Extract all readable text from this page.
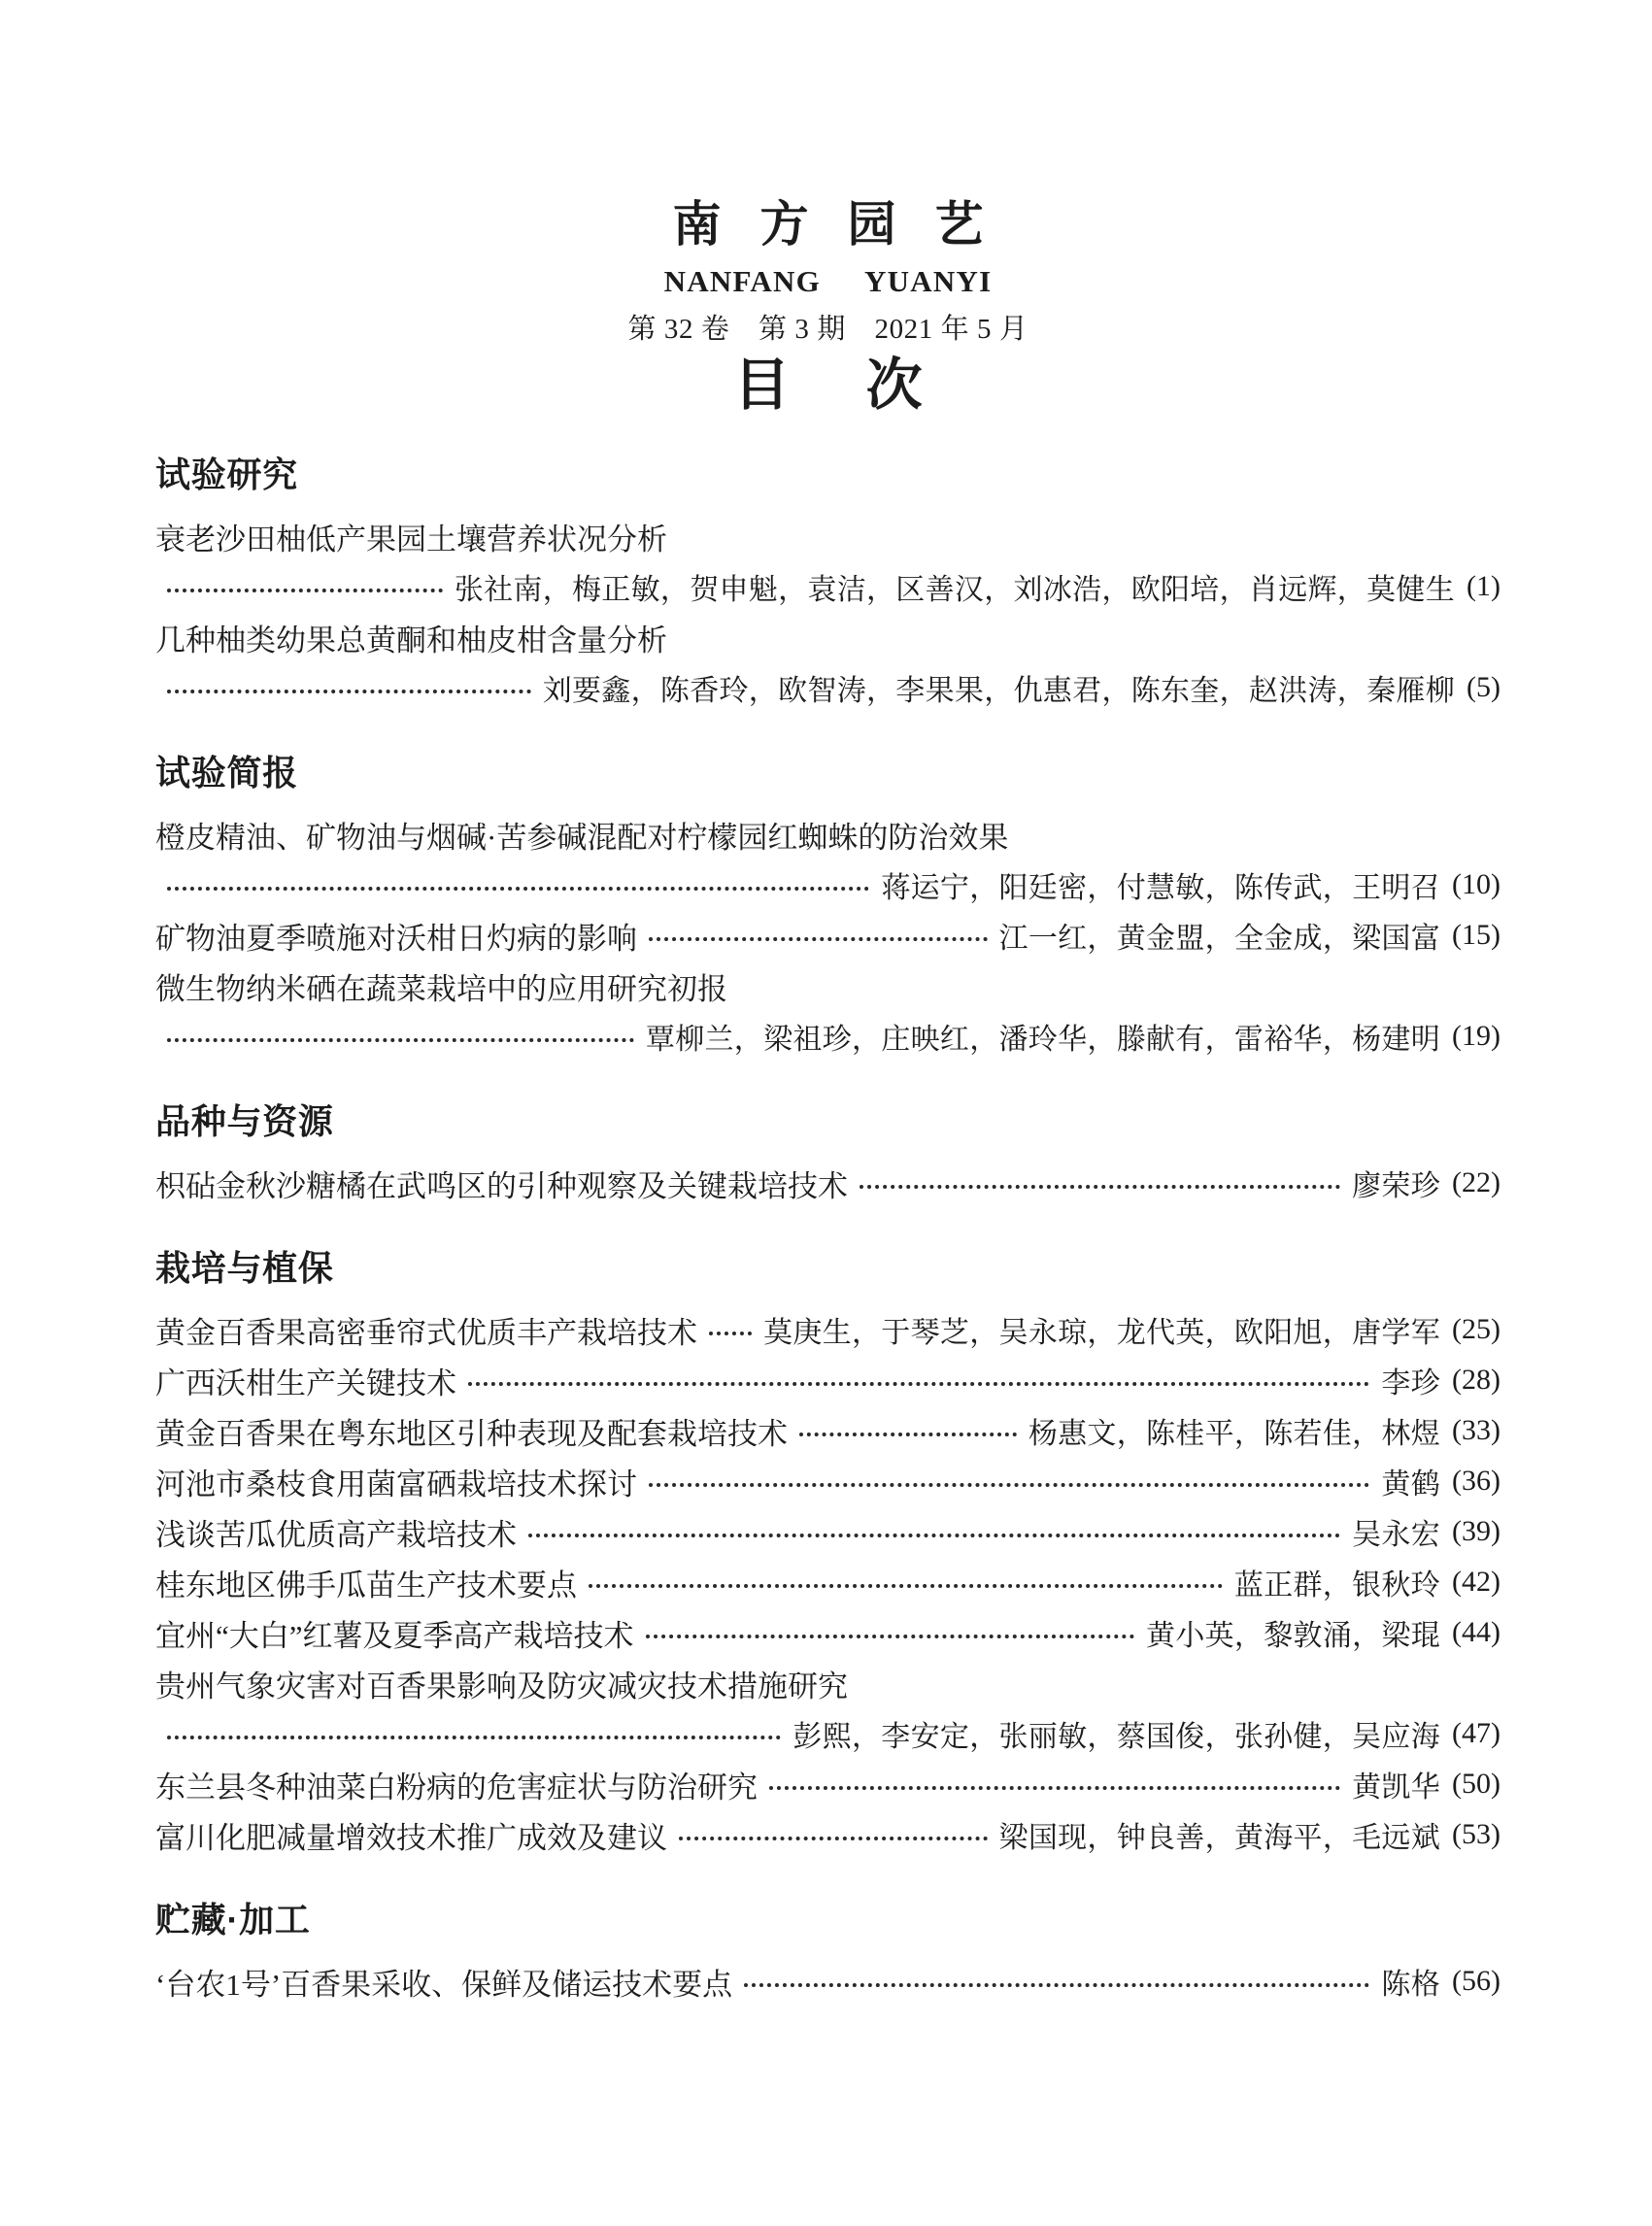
南方园艺
NANFANG YUANYI
第 32 卷　第 3 期　2021 年 5 月
目次
试验研究
衰老沙田柚低产果园土壤营养状况分析
张社南，梅正敏，贺申魁，袁洁，区善汉，刘冰浩，欧阳培，肖远辉，莫健生 (1)
几种柚类幼果总黄酮和柚皮柑含量分析
刘要鑫，陈香玲，欧智涛，李果果，仇惠君，陈东奎，赵洪涛，秦雁柳 (5)
试验简报
橙皮精油、矿物油与烟碱·苦参碱混配对柠檬园红蜘蛛的防治效果
蒋运宁，阳廷密，付慧敏，陈传武，王明召 (10)
矿物油夏季喷施对沃柑日灼病的影响	江一红，黄金盟，全金成，梁国富 (15)
微生物纳米硒在蔬菜栽培中的应用研究初报
覃柳兰，梁祖珍，庄映红，潘玲华，滕献有，雷裕华，杨建明 (19)
品种与资源
枳砧金秋沙糖橘在武鸣区的引种观察及关键栽培技术	廖荣珍 (22)
栽培与植保
黄金百香果高密垂帘式优质丰产栽培技术 莫庚生，于琴芝，吴永琼，龙代英，欧阳旭，唐学军 (25)
广西沃柑生产关键技术	李珍 (28)
黄金百香果在粤东地区引种表现及配套栽培技术	杨惠文，陈桂平，陈若佳，林煜 (33)
河池市桑枝食用菌富硒栽培技术探讨	黄鹤 (36)
浅谈苦瓜优质高产栽培技术	吴永宏 (39)
桂东地区佛手瓜苗生产技术要点	蓝正群，银秋玲 (42)
宜州“大白”红薯及夏季高产栽培技术	黄小英，黎敦涌，梁琨 (44)
贵州气象灾害对百香果影响及防灾减灾技术措施研究
彭熙，李安定，张丽敏，蔡国俊，张孙健，吴应海 (47)
东兰县冬种油菜白粉病的危害症状与防治研究	黄凯华 (50)
富川化肥减量增效技术推广成效及建议	梁国现，钟良善，黄海平，毛远斌 (53)
贮藏·加工
‘台农1号’百香果采收、保鲜及储运技术要点	陈格 (56)
